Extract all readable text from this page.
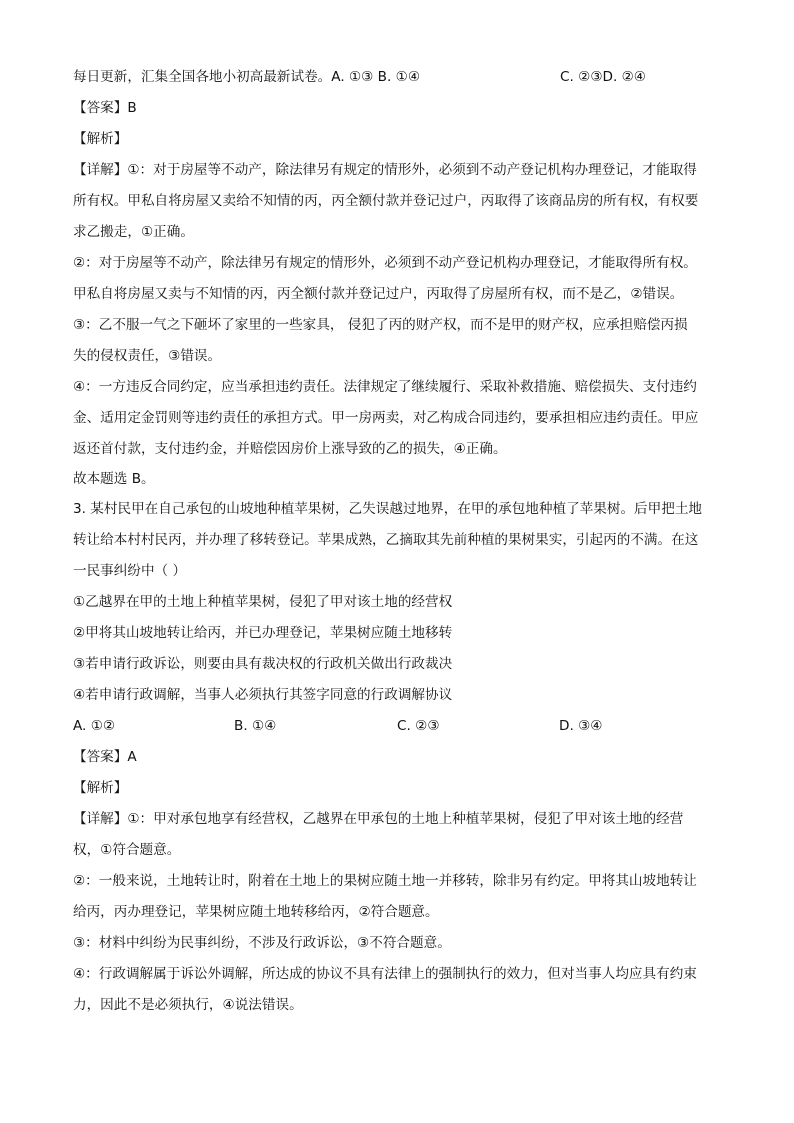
每日更新，汇集全国各地小初高最新试卷。A. ①③ B. ①④	C. ②③D. ②④
【答案】B
【解析】
【详解】①：对于房屋等不动产，除法律另有规定的情形外，必须到不动产登记机构办理登记，才能取得
所有权。甲私自将房屋又卖给不知情的丙，丙全额付款并登记过户，丙取得了该商品房的所有权，有权要
求乙搬走，①正确。
②：对于房屋等不动产，除法律另有规定的情形外，必须到不动产登记机构办理登记，才能取得所有权。
甲私自将房屋又卖与不知情的丙，丙全额付款并登记过户，丙取得了房屋所有权，而不是乙，②错误。
③：乙不服一气之下砸坏了家里的一些家具， 侵犯了丙的财产权，而不是甲的财产权，应承担赔偿丙损
失的侵权责任，③错误。
④：一方违反合同约定，应当承担违约责任。法律规定了继续履行、采取补救措施、赔偿损失、支付违约
金、适用定金罚则等违约责任的承担方式。甲一房两卖，对乙构成合同违约，要承担相应违约责任。甲应
返还首付款，支付违约金，并赔偿因房价上涨导致的乙的损失，④正确。
故本题选 B。
3. 某村民甲在自己承包的山坡地种植苹果树，乙失误越过地界，在甲的承包地种植了苹果树。后甲把土地
转让给本村村民丙，并办理了移转登记。苹果成熟，乙摘取其先前种植的果树果实，引起丙的不满。在这
一民事纠纷中（ ）
①乙越界在甲的土地上种植苹果树，侵犯了甲对该土地的经营权
②甲将其山坡地转让给丙，并已办理登记，苹果树应随土地移转
③若申请行政诉讼，则要由具有裁决权的行政机关做出行政裁决
④若申请行政调解，当事人必须执行其签字同意的行政调解协议
A. ①②	B. ①④	C. ②③	D. ③④
【答案】A
【解析】
【详解】①：甲对承包地享有经营权，乙越界在甲承包的土地上种植苹果树，侵犯了甲对该土地的经营
权，①符合题意。
②：一般来说，土地转让时，附着在土地上的果树应随土地一并移转，除非另有约定。甲将其山坡地转让
给丙，丙办理登记，苹果树应随土地转移给丙，②符合题意。
③：材料中纠纷为民事纠纷，不涉及行政诉讼，③不符合题意。
④：行政调解属于诉讼外调解，所达成的协议不具有法律上的强制执行的效力，但对当事人均应具有约束
力，因此不是必须执行，④说法错误。
